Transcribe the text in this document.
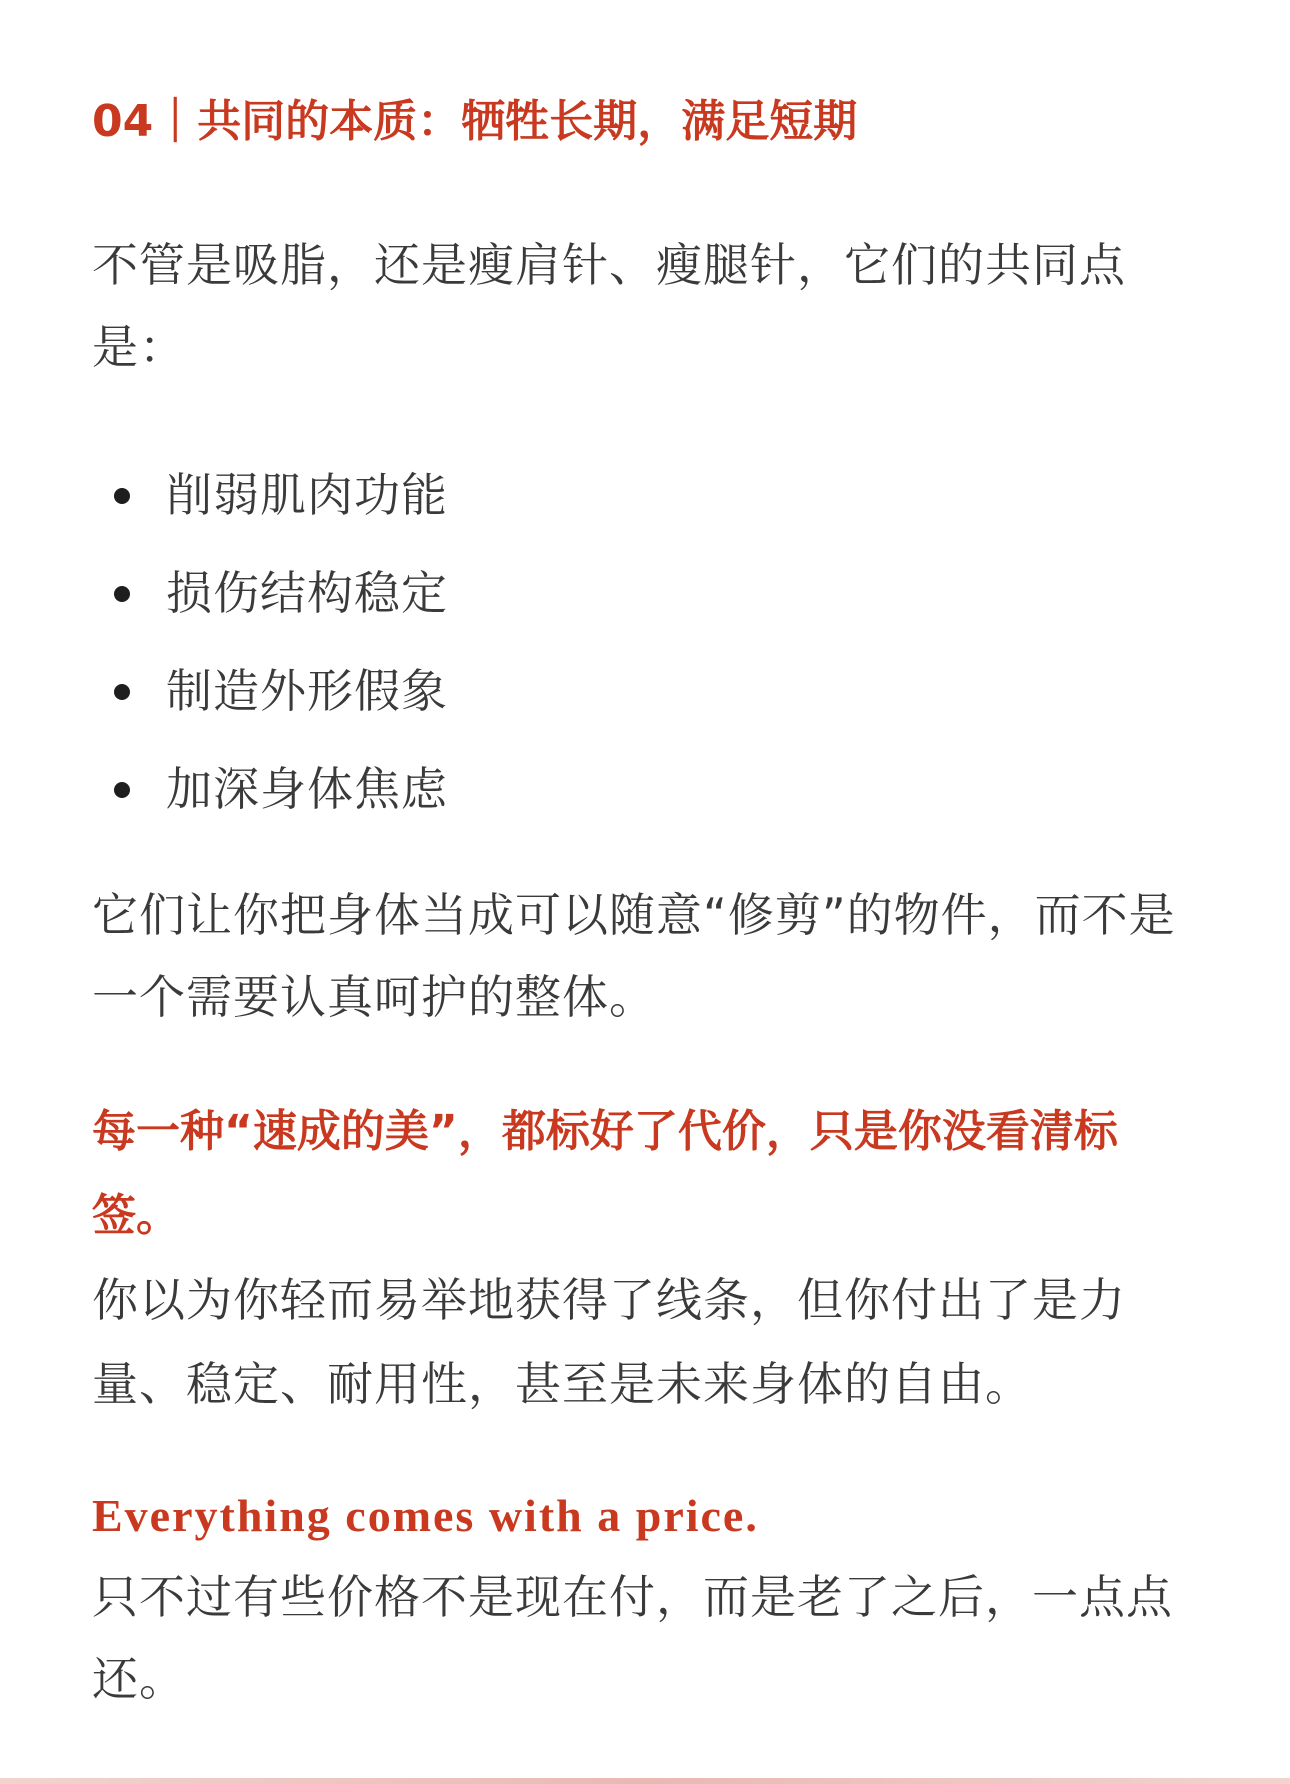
04｜共同的本质：牺牲长期，满足短期

不管是吸脂，还是瘦肩针、瘦腿针，它们的共同点是：

削弱肌肉功能
损伤结构稳定
制造外形假象
加深身体焦虑

它们让你把身体当成可以随意“修剪”的物件，而不是一个需要认真呵护的整体。

每一种“速成的美”，都标好了代价，只是你没看清标签。

你以为你轻而易举地获得了线条，但你付出了是力量、稳定、耐用性，甚至是未来身体的自由。

Everything comes with a price.

只不过有些价格不是现在付，而是老了之后，一点点还。
